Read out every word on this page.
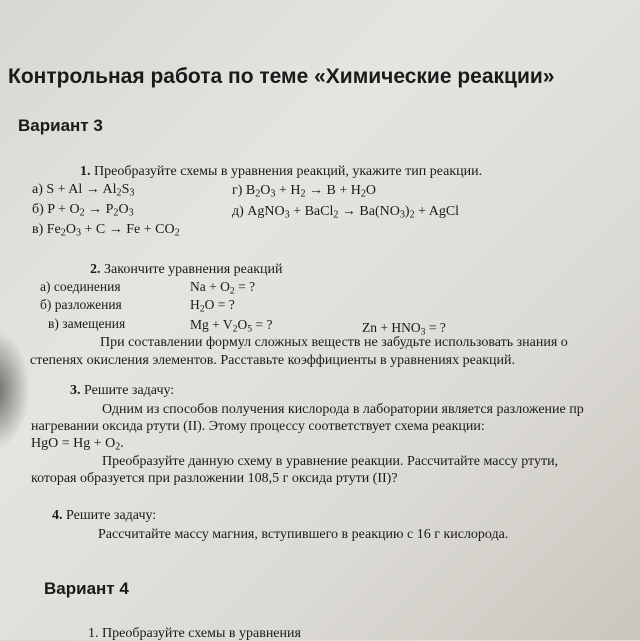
Контрольная работа по теме «Химические реакции»
Вариант 3
1. Преобразуйте схемы в уравнения реакций, укажите тип реакции.
а) $S + Al \to Al_2S_3$
б) $P + O_2 \to P_2O_3$
в) $Fe_2O_3 + C \to Fe + CO_2$
г) $B_2O_3 + H_2 \to B + H_2O$
д) AgNO$_3$ + BaCl$_2$ → $Ba(NO_3)_2$ + AgCl
2. Закончите уравнения реакций
а) соединения	$Na + O_2$ = ?
б) разложения	$H_2O$ = ?
в) замещения	$Mg + V_2O_5$ = ?	$Zn + HNO_3$ = ?
При составлении формул сложных веществ не забудьте использовать знания о
степенях окисления элементов. Расставьте коэффициенты в уравнениях реакций.
3. Решите задачу:
Одним из способов получения кислорода в лаборатории является разложение пр
нагревании оксида ртути (II). Этому процессу соответствует схема реакции:
HgO = $Hg + O_2$.
Преобразуйте данную схему в уравнение реакции. Рассчитайте массу ртути,
которая образуется при разложении 108,5 г оксида ртути (II)?
4. Решите задачу:
Рассчитайте массу магния, вступившего в реакцию с 16 г кислорода.
Вариант 4
1. Преобразуйте схемы в уравнения
